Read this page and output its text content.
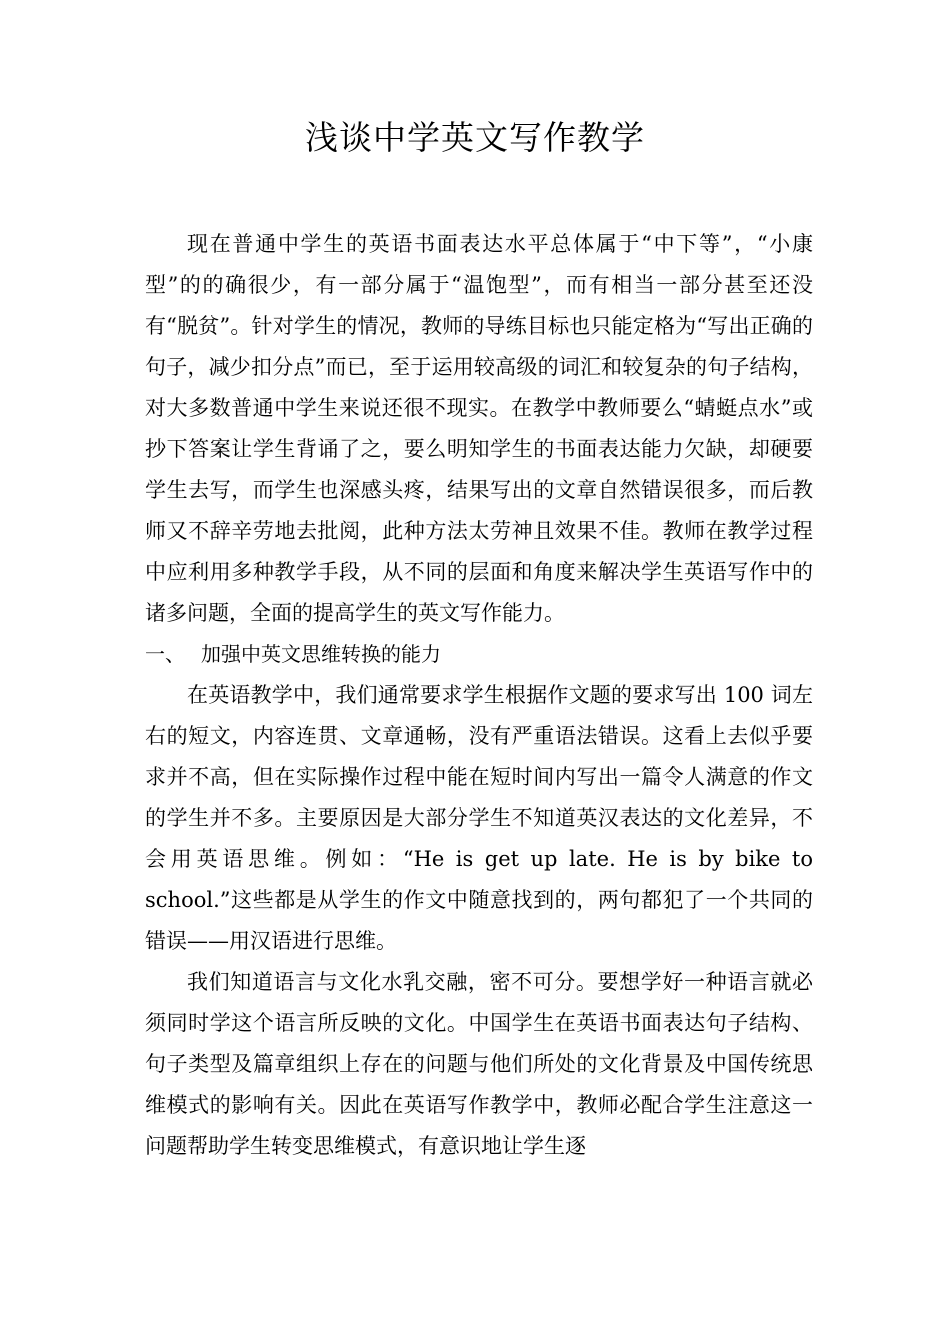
浅谈中学英文写作教学

现在普通中学生的英语书面表达水平总体属于“中下等”，“小康型”的的确很少，有一部分属于“温饱型”，而有相当一部分甚至还没有“脱贫”。针对学生的情况，教师的导练目标也只能定格为“写出正确的句子，减少扣分点”而已，至于运用较高级的词汇和较复杂的句子结构，对大多数普通中学生来说还很不现实。在教学中教师要么“蜻蜓点水”或抄下答案让学生背诵了之，要么明知学生的书面表达能力欠缺，却硬要学生去写，而学生也深感头疼，结果写出的文章自然错误很多，而后教师又不辞辛劳地去批阅，此种方法太劳神且效果不佳。教师在教学过程中应利用多种教学手段，从不同的层面和角度来解决学生英语写作中的诸多问题，全面的提高学生的英文写作能力。

一、 加强中英文思维转换的能力

在英语教学中，我们通常要求学生根据作文题的要求写出 100 词左右的短文，内容连贯、文章通畅，没有严重语法错误。这看上去似乎要求并不高，但在实际操作过程中能在短时间内写出一篇令人满意的作文的学生并不多。主要原因是大部分学生不知道英汉表达的文化差异，不会用英语思维。例如：“He is get up late. He is by bike to school.”这些都是从学生的作文中随意找到的，两句都犯了一个共同的错误——用汉语进行思维。

我们知道语言与文化水乳交融，密不可分。要想学好一种语言就必须同时学这个语言所反映的文化。中国学生在英语书面表达句子结构、句子类型及篇章组织上存在的问题与他们所处的文化背景及中国传统思维模式的影响有关。因此在英语写作教学中，教师必配合学生注意这一问题帮助学生转变思维模式，有意识地让学生逐
